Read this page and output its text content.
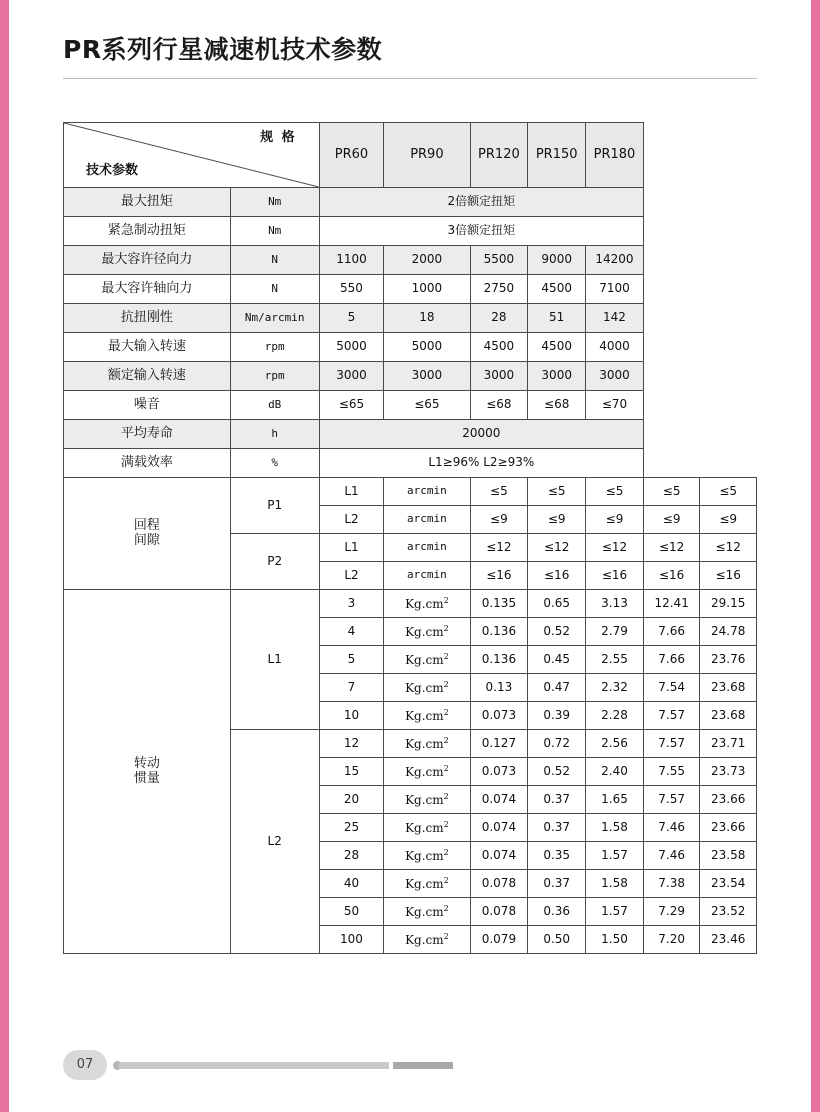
PR系列行星减速机技术参数
规 格
技术参数		PR60	PR90	PR120	PR150	PR180		
最大扭矩	Nm	2倍额定扭矩						
紧急制动扭矩	Nm	3倍额定扭矩						
最大容许径向力	N	1100	2000	5500	9000	14200		
最大容许轴向力	N	550	1000	2750	4500	7100		
抗扭刚性	Nm/arcmin	5	18	28	51	142		
最大输入转速	rpm	5000	5000	4500	4500	4000		
额定输入转速	rpm	3000	3000	3000	3000	3000		
噪音	dB	≤65	≤65	≤68	≤68	≤70		
平均寿命	h	20000						
满载效率	%	L1≥96% L2≥93%						
回程
间隙	P1	L1	arcmin	≤5	≤5	≤5	≤5	≤5
		L2	arcmin	≤9	≤9	≤9	≤9	≤9
	P2	L1	arcmin	≤12	≤12	≤12	≤12	≤12
		L2	arcmin	≤16	≤16	≤16	≤16	≤16
转动
惯量	L1	3	$Kg.cm^2$	0.135	0.65	3.13	12.41	29.15
		4	$Kg.cm^2$	0.136	0.52	2.79	7.66	24.78
		5	$Kg.cm^2$	0.136	0.45	2.55	7.66	23.76
		7	$Kg.cm^2$	0.13	0.47	2.32	7.54	23.68
		10	$Kg.cm^2$	0.073	0.39	2.28	7.57	23.68
	L2	12	$Kg.cm^2$	0.127	0.72	2.56	7.57	23.71
		15	$Kg.cm^2$	0.073	0.52	2.40	7.55	23.73
		20	$Kg.cm^2$	0.074	0.37	1.65	7.57	23.66
		25	$Kg.cm^2$	0.074	0.37	1.58	7.46	23.66
		28	$Kg.cm^2$	0.074	0.35	1.57	7.46	23.58
		40	$Kg.cm^2$	0.078	0.37	1.58	7.38	23.54
		50	$Kg.cm^2$	0.078	0.36	1.57	7.29	23.52
		100	$Kg.cm^2$	0.079	0.50	1.50	7.20	23.46
07
